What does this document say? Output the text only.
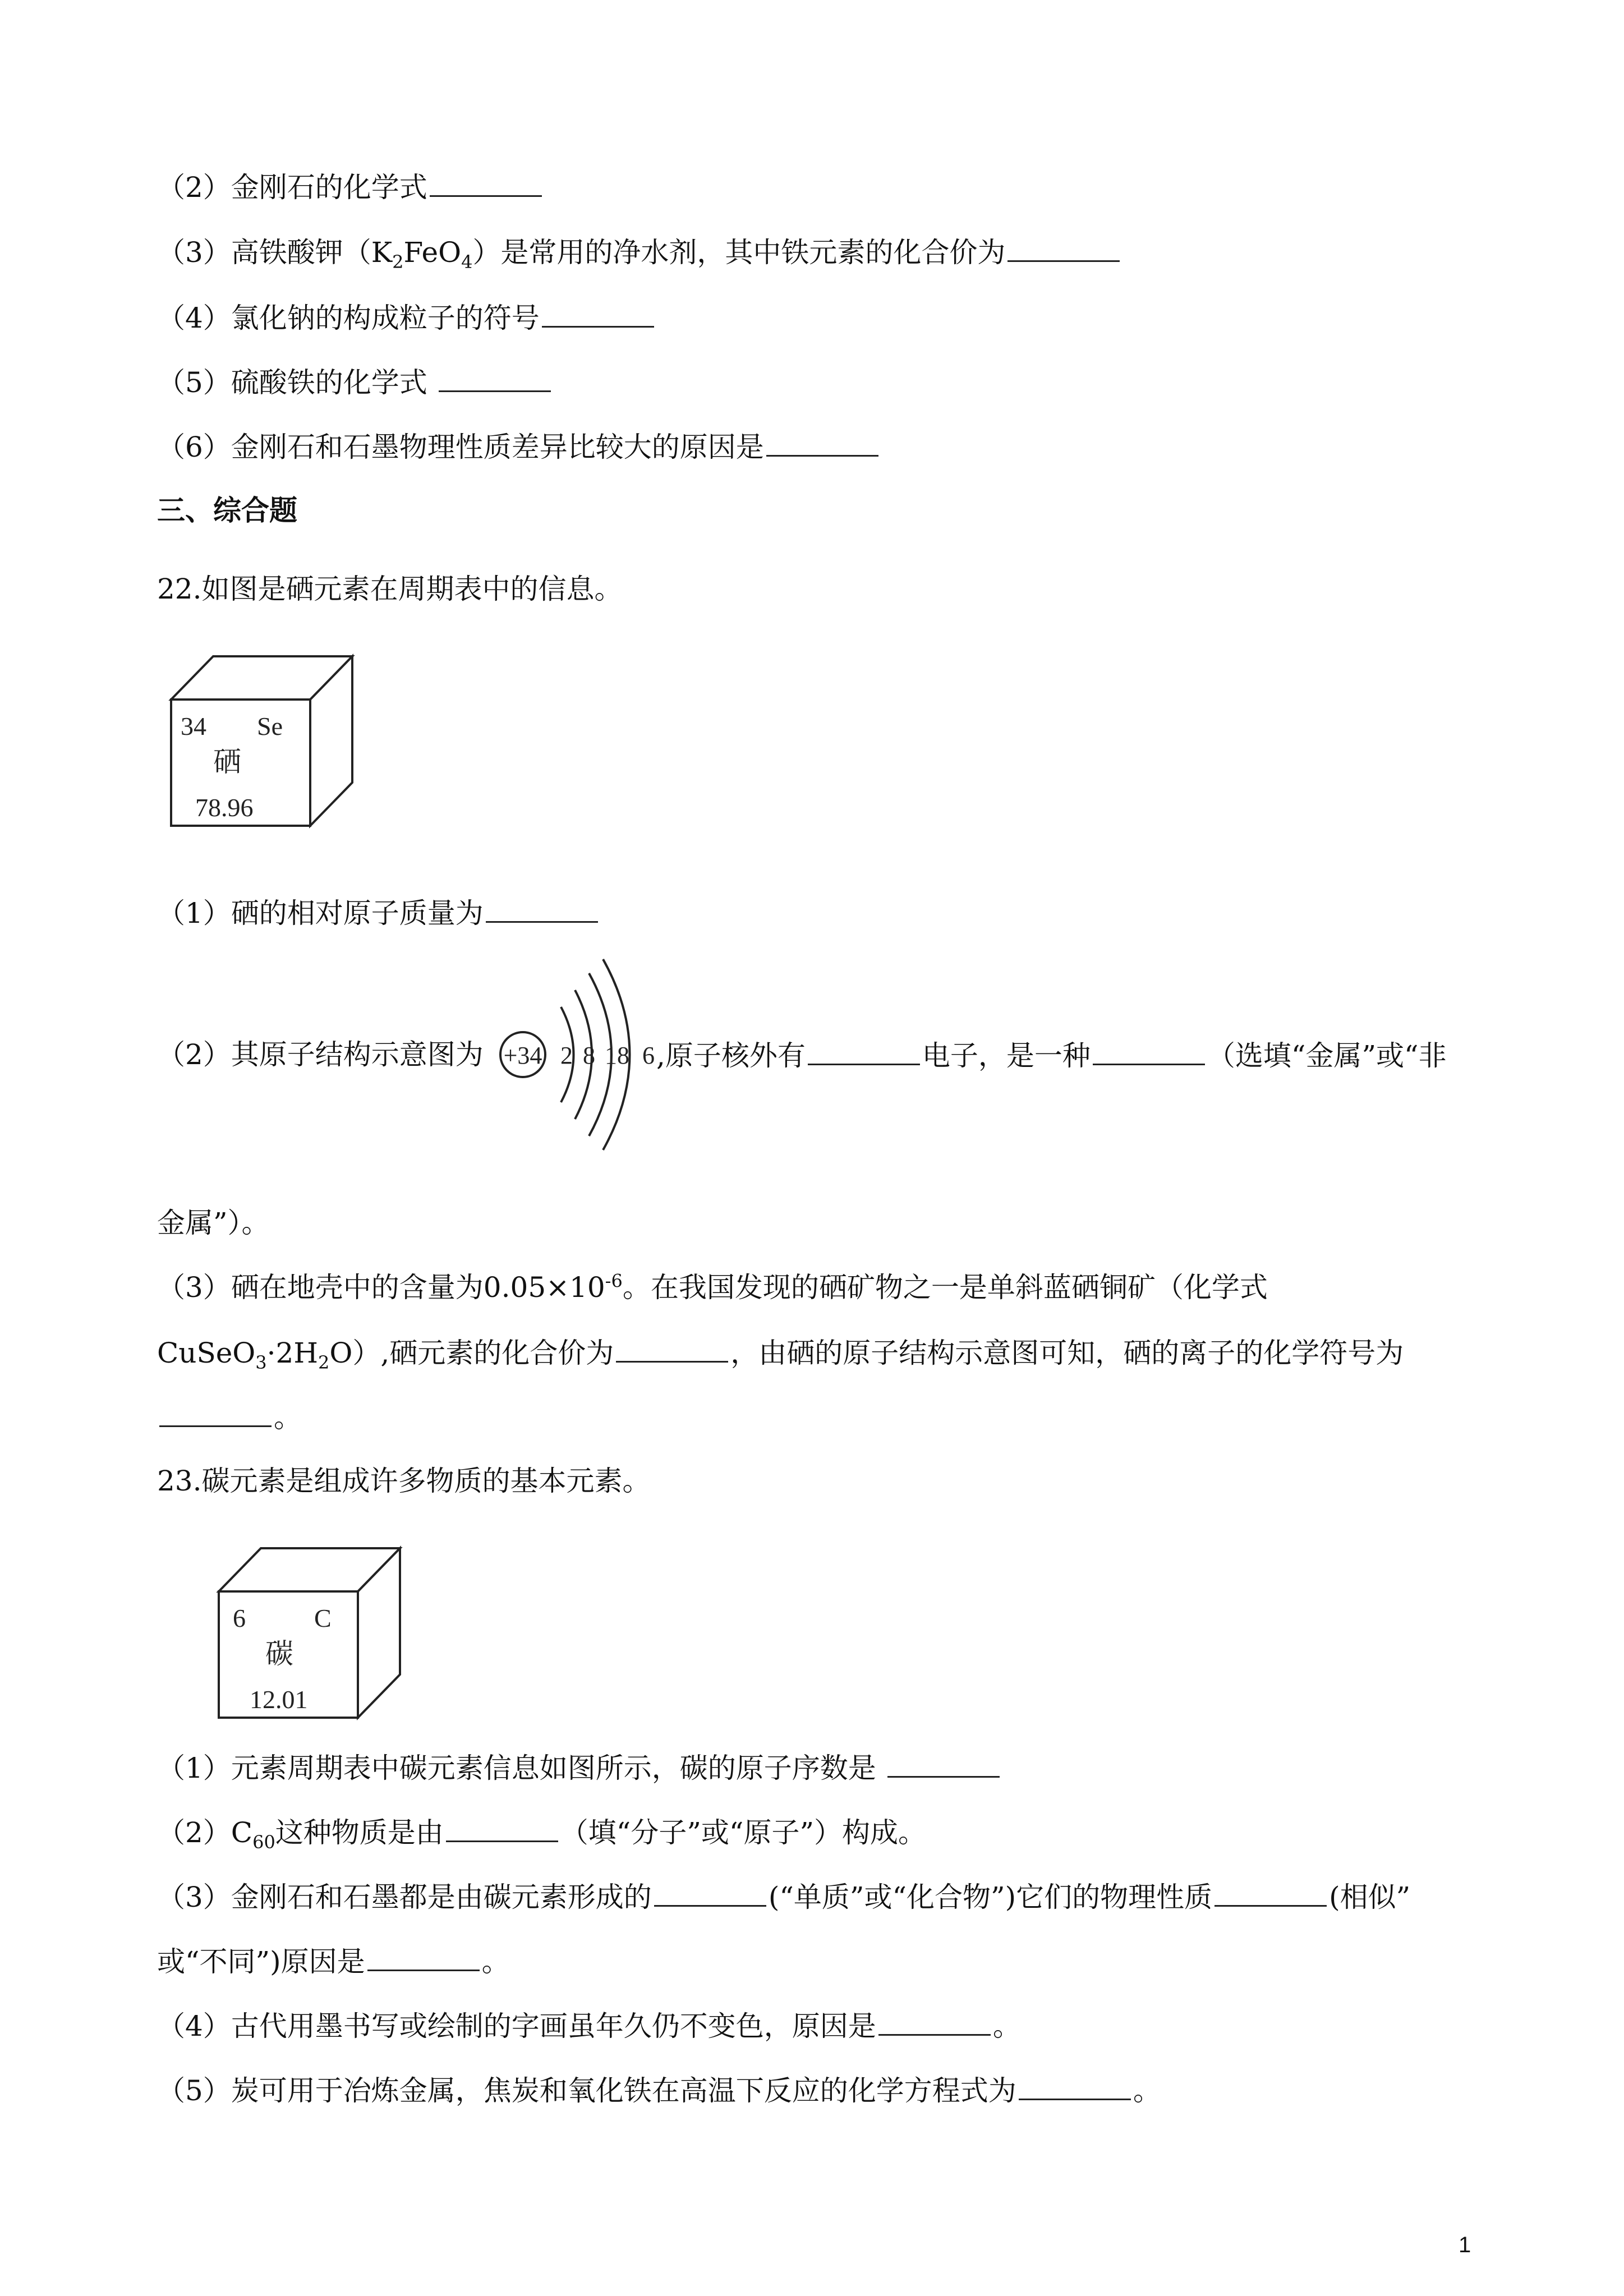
（2）金刚石的化学式
（3）高铁酸钾$(K_2FeO_4)$是常用的净水剂，其中铁元素的化合价为
（4）氯化钠的构成粒子的符号
（5）硫酸铁的化学式
（6）金刚石和石墨物理性质差异比较大的原因是
三、综合题
22.如图是硒元素在周期表中的信息。
34 Se
硒
78.96
（1）硒的相对原子质量为
（2）其原子结构示意图为 +34 2 8 18 6 ,原子核外有	电子，是一种	（选填“金属”或“非
金属”）。
（3）硒在地壳中的含量为$0.05\times 10^{-6}$。在我国发现的硒矿物之一是单斜蓝硒铜矿（化学式
$CuSeO_3\cdot 2H_2O$）,硒元素的化合价为	，由硒的原子结构示意图可知，硒的离子的化学符号为
。
23.碳元素是组成许多物质的基本元素。
6	C
碳
12.01
（1）元素周期表中碳元素信息如图所示，碳的原子序数是
$(2)C_{60}$这种物质是由	（填“分子”或“原子”）构成。
（3）金刚石和石墨都是由碳元素形成的	(“单质”或“化合物”)它们的物理性质	(相似”
或“不同”)原因是	。
（4）古代用墨书写或绘制的字画虽年久仍不变色，原因是	。
（5）炭可用于冶炼金属，焦炭和氧化铁在高温下反应的化学方程式为	。
1
